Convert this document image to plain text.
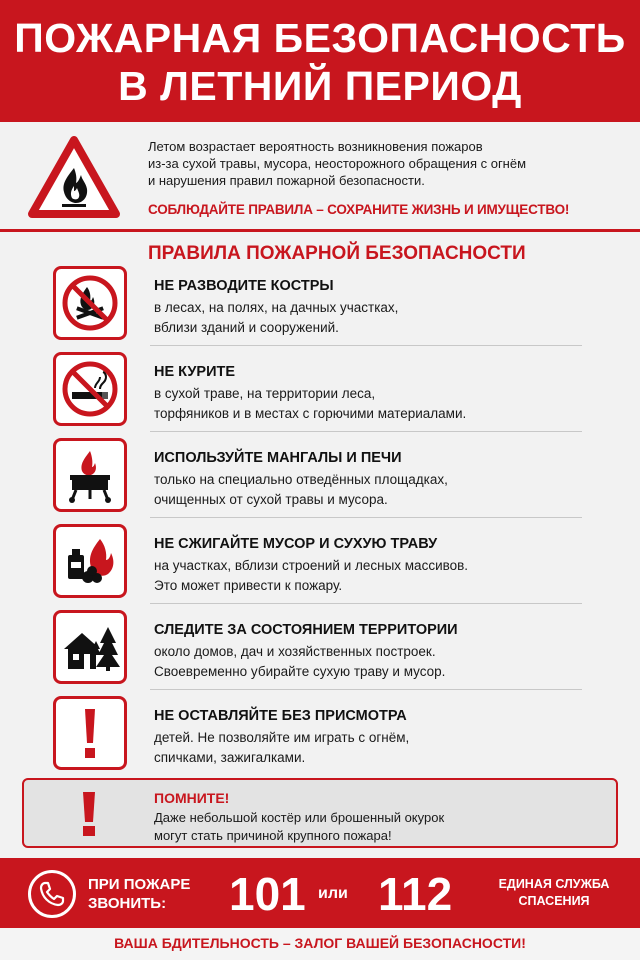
ПОЖАРНАЯ БЕЗОПАСНОСТЬ
В ЛЕТНИЙ ПЕРИОД
Летом возрастает вероятность возникновения пожаров
из-за сухой травы, мусора, неосторожного обращения с огнём
и нарушения правил пожарной безопасности.
СОБЛЮДАЙТЕ ПРАВИЛА – СОХРАНИТЕ ЖИЗНЬ И ИМУЩЕСТВО!
ПРАВИЛА ПОЖАРНОЙ БЕЗОПАСНОСТИ
НЕ РАЗВОДИТЕ КОСТРЫ
в лесах, на полях, на дачных участках,
вблизи зданий и сооружений.
НЕ КУРИТЕ
в сухой траве, на территории леса,
торфяников и в местах с горючими материалами.
ИСПОЛЬЗУЙТЕ МАНГАЛЫ И ПЕЧИ
только на специально отведённых площадках,
очищенных от сухой травы и мусора.
НЕ СЖИГАЙТЕ МУСОР И СУХУЮ ТРАВУ
на участках, вблизи строений и лесных массивов.
Это может привести к пожару.
СЛЕДИТЕ ЗА СОСТОЯНИЕМ ТЕРРИТОРИИ
около домов, дач и хозяйственных построек.
Своевременно убирайте сухую траву и мусор.
НЕ ОСТАВЛЯЙТЕ БЕЗ ПРИСМОТРА
детей. Не позволяйте им играть с огнём,
спичками, зажигалками.
ПОМНИТЕ!
Даже небольшой костёр или брошенный окурок
могут стать причиной крупного пожара!
ПРИ ПОЖАРЕ
ЗВОНИТЬ:	101 или 112	ЕДИНАЯ СЛУЖБА
СПАСЕНИЯ
ВАША БДИТЕЛЬНОСТЬ – ЗАЛОГ ВАШЕЙ БЕЗОПАСНОСТИ!
